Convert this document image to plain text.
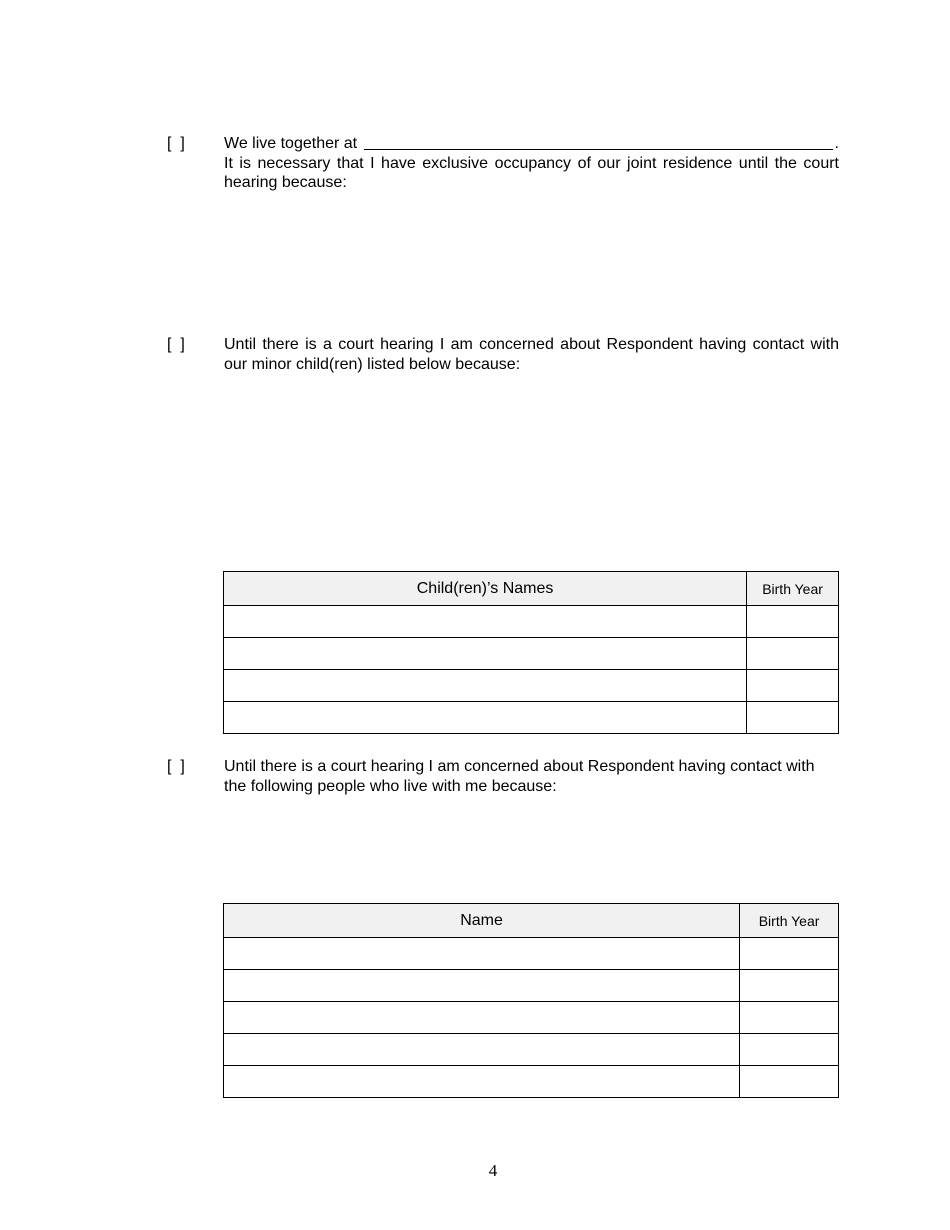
[  ]	We live together at	.
It is necessary that I have exclusive occupancy of our joint residence until the court hearing because:
[  ]	Until there is a court hearing I am concerned about Respondent having contact with our minor child(ren) listed below because:
Child(ren)’s Names	Birth Year

[  ]	Until there is a court hearing I am concerned about Respondent having contact with the following people who live with me because:
Name	Birth Year

4
